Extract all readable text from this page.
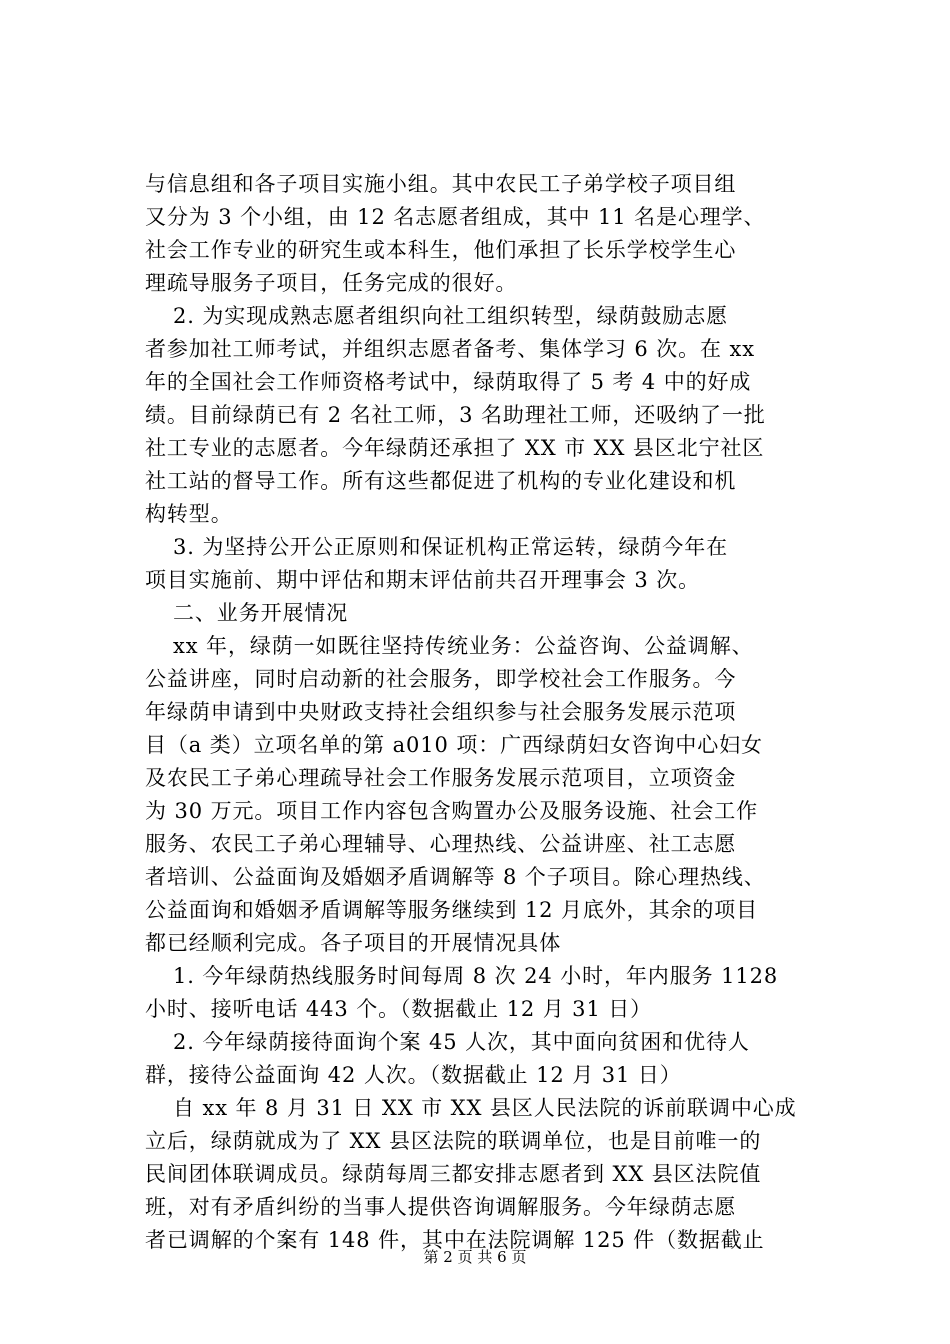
与信息组和各子项目实施小组。其中农民工子弟学校子项目组
又分为 3 个小组，由 12 名志愿者组成，其中 11 名是心理学、
社会工作专业的研究生或本科生，他们承担了长乐学校学生心
理疏导服务子项目，任务完成的很好。
2. 为实现成熟志愿者组织向社工组织转型，绿荫鼓励志愿
者参加社工师考试，并组织志愿者备考、集体学习 6 次。在 xx
年的全国社会工作师资格考试中，绿荫取得了 5 考 4 中的好成
绩。目前绿荫已有 2 名社工师，3 名助理社工师，还吸纳了一批
社工专业的志愿者。今年绿荫还承担了 XX 市 XX 县区北宁社区
社工站的督导工作。所有这些都促进了机构的专业化建设和机
构转型。
3. 为坚持公开公正原则和保证机构正常运转，绿荫今年在
项目实施前、期中评估和期末评估前共召开理事会 3 次。
二、业务开展情况
xx 年，绿荫一如既往坚持传统业务：公益咨询、公益调解、
公益讲座，同时启动新的社会服务，即学校社会工作服务。今
年绿荫申请到中央财政支持社会组织参与社会服务发展示范项
目（a 类）立项名单的第 a010 项：广西绿荫妇女咨询中心妇女
及农民工子弟心理疏导社会工作服务发展示范项目，立项资金
为 30 万元。项目工作内容包含购置办公及服务设施、社会工作
服务、农民工子弟心理辅导、心理热线、公益讲座、社工志愿
者培训、公益面询及婚姻矛盾调解等 8 个子项目。除心理热线、
公益面询和婚姻矛盾调解等服务继续到 12 月底外，其余的项目
都已经顺利完成。各子项目的开展情况具体
1. 今年绿荫热线服务时间每周 8 次 24 小时，年内服务 1128
小时、接听电话 443 个。（数据截止 12 月 31 日）
2. 今年绿荫接待面询个案 45 人次，其中面向贫困和优待人
群，接待公益面询 42 人次。（数据截止 12 月 31 日）
自 xx 年 8 月 31 日 XX 市 XX 县区人民法院的诉前联调中心成
立后，绿荫就成为了 XX 县区法院的联调单位，也是目前唯一的
民间团体联调成员。绿荫每周三都安排志愿者到 XX 县区法院值
班，对有矛盾纠纷的当事人提供咨询调解服务。今年绿荫志愿
者已调解的个案有 148 件，其中在法院调解 125 件（数据截止
第 2 页 共 6 页
